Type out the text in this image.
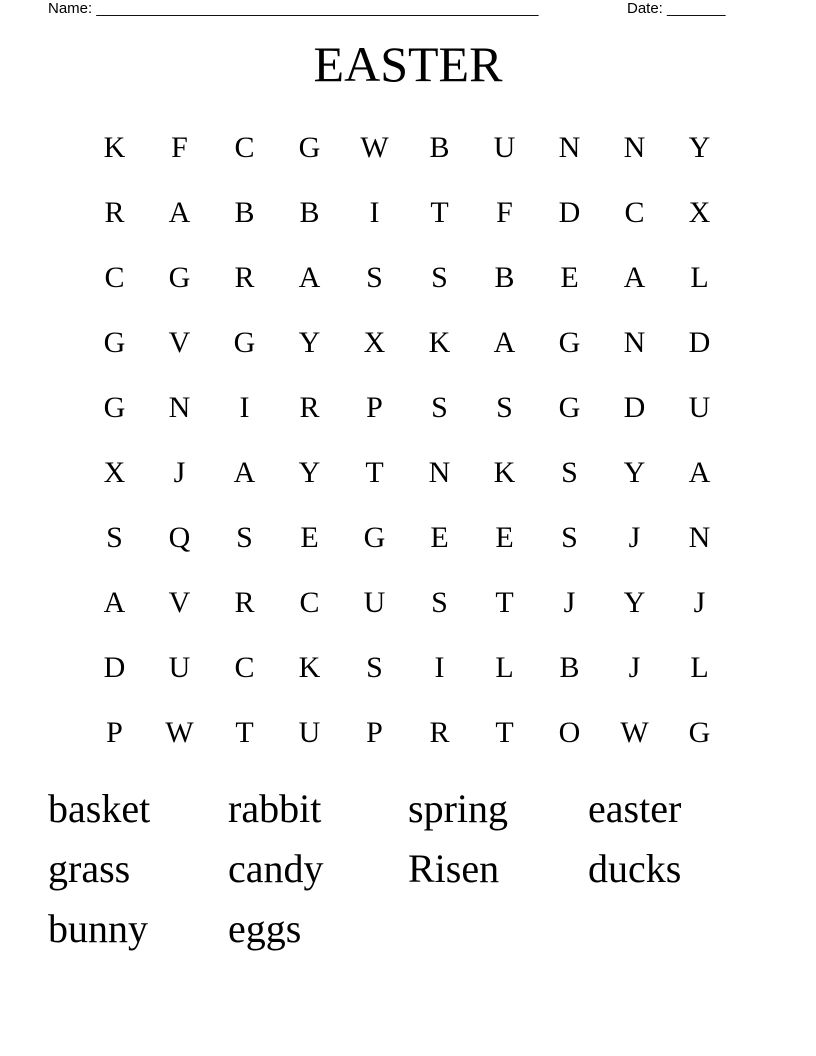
Name: _____________________________________________________	Date: _______
EASTER
K	F	C	G	W	B	U	N	N	Y
R	A	B	B	I	T	F	D	C	X
C	G	R	A	S	S	B	E	A	L
G	V	G	Y	X	K	A	G	N	D
G	N	I	R	P	S	S	G	D	U
X	J	A	Y	T	N	K	S	Y	A
S	Q	S	E	G	E	E	S	J	N
A	V	R	C	U	S	T	J	Y	J
D	U	C	K	S	I	L	B	J	L
P	W	T	U	P	R	T	O	W	G
basket	rabbit	spring	easter
grass	candy	Risen	ducks
bunny	eggs
